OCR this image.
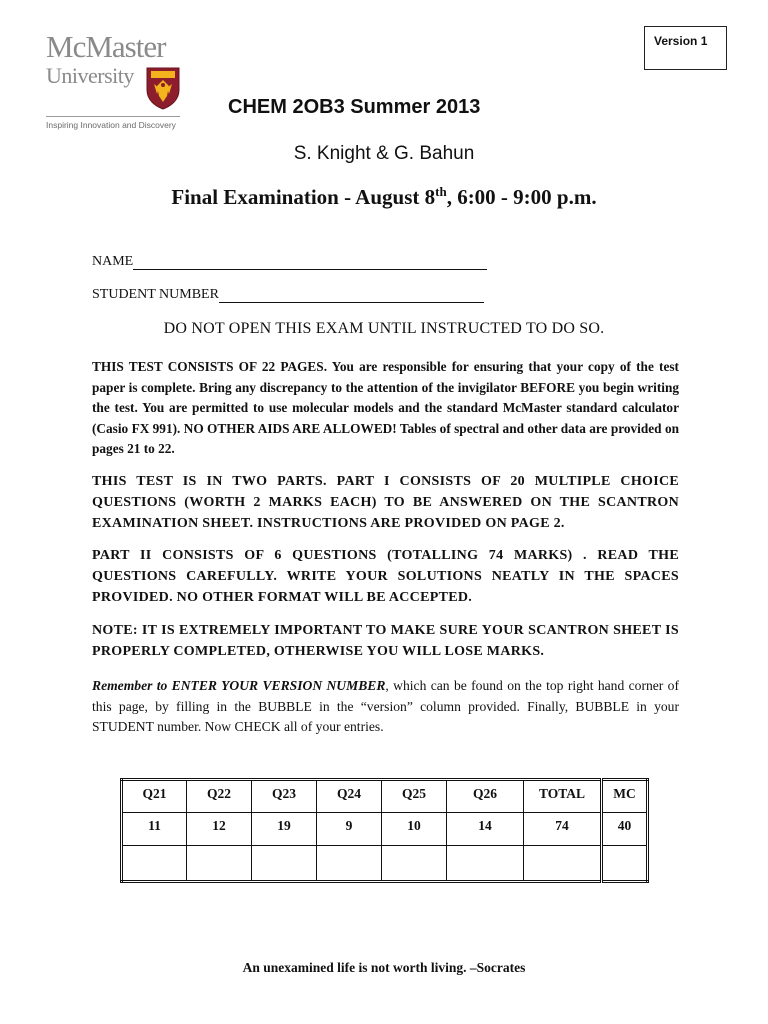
McMaster
University
Inspiring Innovation and Discovery
Version 1
CHEM 2OB3 Summer 2013
S. Knight & G. Bahun
Final Examination - August 8th, 6:00 - 9:00 p.m.
NAME
STUDENT NUMBER
DO NOT OPEN THIS EXAM UNTIL INSTRUCTED TO DO SO.
THIS TEST CONSISTS OF 22 PAGES. You are responsible for ensuring that your copy of the test paper is complete. Bring any discrepancy to the attention of the invigilator BEFORE you begin writing the test. You are permitted to use molecular models and the standard McMaster standard calculator (Casio FX 991). NO OTHER AIDS ARE ALLOWED! Tables of spectral and other data are provided on pages 21 to 22.
THIS TEST IS IN TWO PARTS. PART I CONSISTS OF 20 MULTIPLE CHOICE QUESTIONS (WORTH 2 MARKS EACH) TO BE ANSWERED ON THE SCANTRON EXAMINATION SHEET. INSTRUCTIONS ARE PROVIDED ON PAGE 2.
PART II CONSISTS OF 6 QUESTIONS (TOTALLING 74 MARKS) . READ THE QUESTIONS CAREFULLY. WRITE YOUR SOLUTIONS NEATLY IN THE SPACES PROVIDED. NO OTHER FORMAT WILL BE ACCEPTED.
NOTE: IT IS EXTREMELY IMPORTANT TO MAKE SURE YOUR SCANTRON SHEET IS PROPERLY COMPLETED, OTHERWISE YOU WILL LOSE MARKS.
Remember to ENTER YOUR VERSION NUMBER, which can be found on the top right hand corner of this page, by filling in the BUBBLE in the “version” column provided. Finally, BUBBLE in your STUDENT number. Now CHECK all of your entries.
Q21	Q22	Q23	Q24	Q25	Q26	TOTAL	MC
11	12	19	9	10	14	74	40

An unexamined life is not worth living. –Socrates
